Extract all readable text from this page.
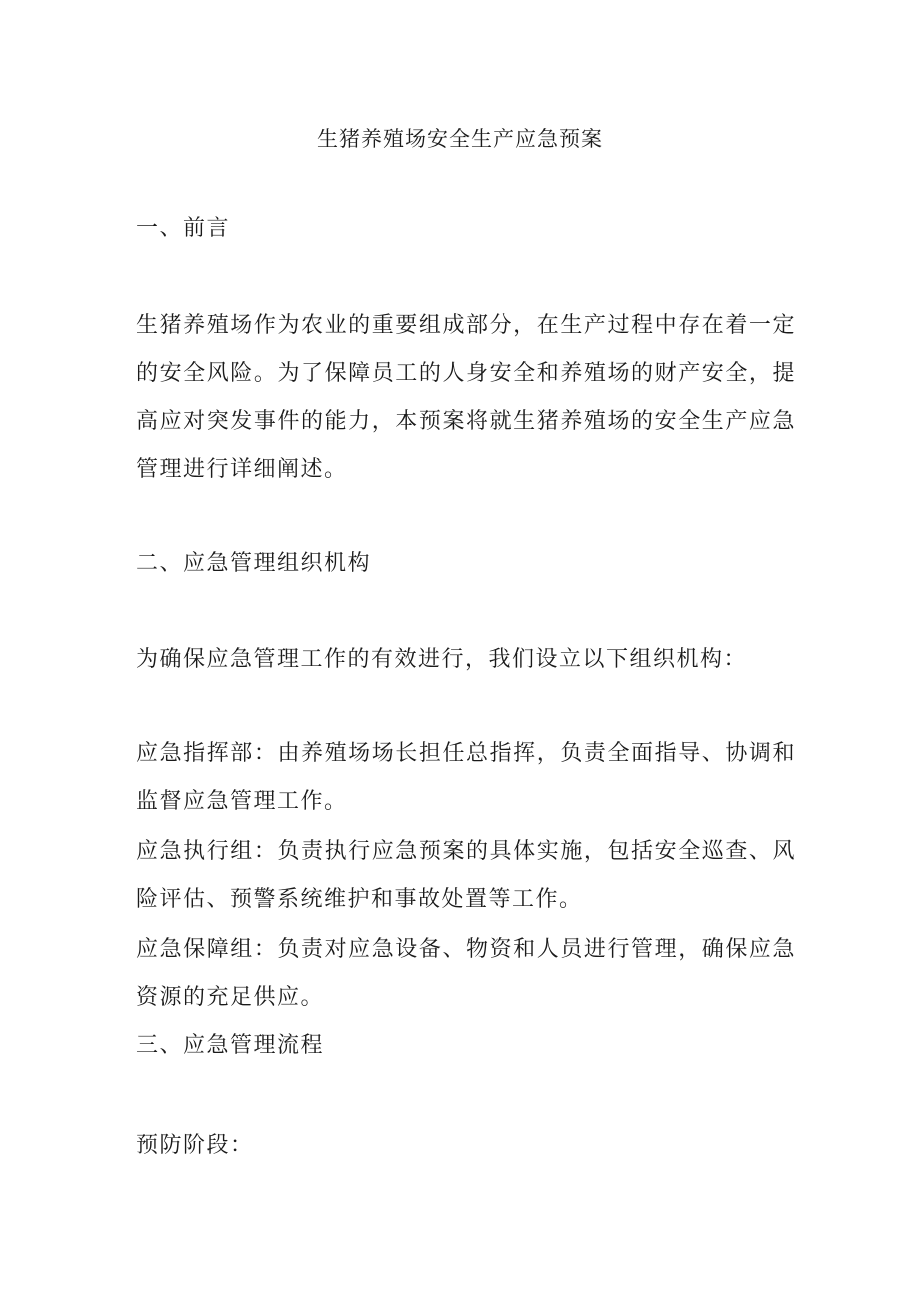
生猪养殖场安全生产应急预案

一、前言

生猪养殖场作为农业的重要组成部分，在生产过程中存在着一定的安全风险。为了保障员工的人身安全和养殖场的财产安全，提高应对突发事件的能力，本预案将就生猪养殖场的安全生产应急管理进行详细阐述。

二、应急管理组织机构

为确保应急管理工作的有效进行，我们设立以下组织机构：

应急指挥部：由养殖场场长担任总指挥，负责全面指导、协调和监督应急管理工作。

应急执行组：负责执行应急预案的具体实施，包括安全巡查、风险评估、预警系统维护和事故处置等工作。

应急保障组：负责对应急设备、物资和人员进行管理，确保应急资源的充足供应。

三、应急管理流程

预防阶段：
